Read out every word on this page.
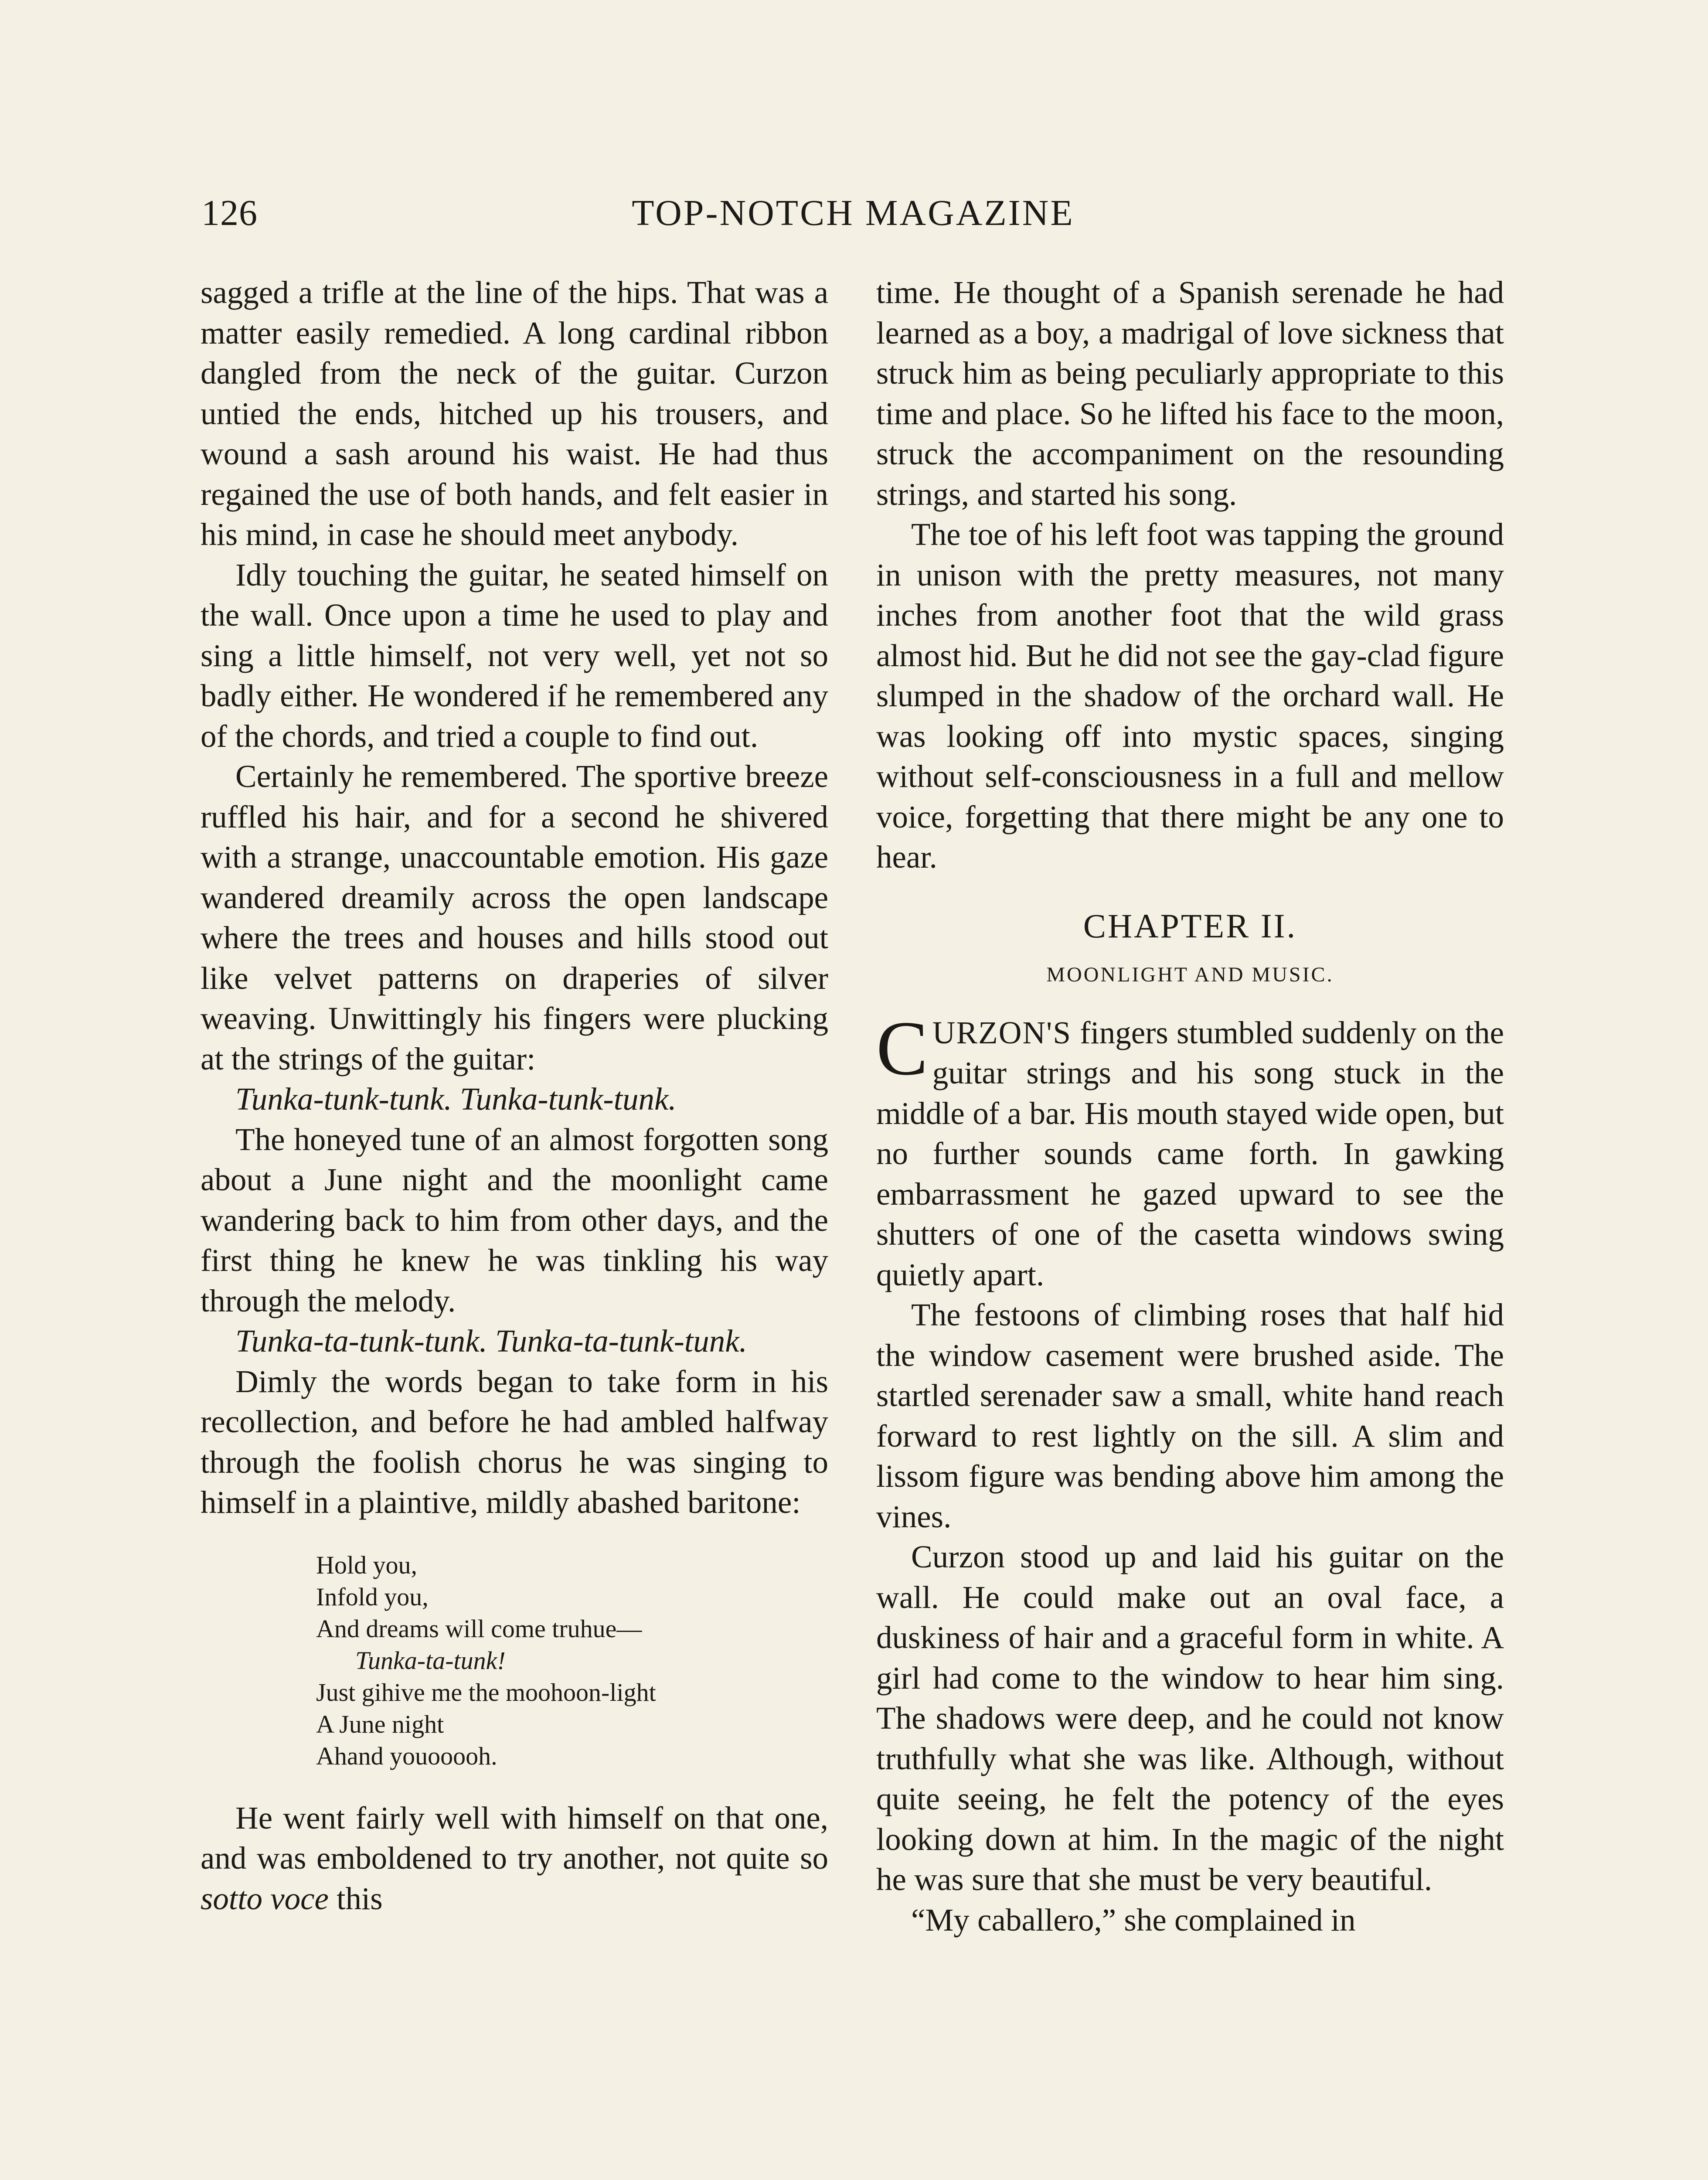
126	TOP-NOTCH MAGAZINE

sagged a trifle at the line of the hips. That was a matter easily remedied. A long cardinal ribbon dangled from the neck of the guitar. Curzon untied the ends, hitched up his trousers, and wound a sash around his waist. He had thus regained the use of both hands, and felt easier in his mind, in case he should meet anybody.

Idly touching the guitar, he seated himself on the wall. Once upon a time he used to play and sing a little himself, not very well, yet not so badly either. He wondered if he remembered any of the chords, and tried a couple to find out.

Certainly he remembered. The sportive breeze ruffled his hair, and for a second he shivered with a strange, unaccountable emotion. His gaze wandered dreamily across the open landscape where the trees and houses and hills stood out like velvet patterns on draperies of silver weaving. Unwittingly his fingers were plucking at the strings of the guitar:

Tunka-tunk-tunk. Tunka-tunk-tunk.

The honeyed tune of an almost forgotten song about a June night and the moonlight came wandering back to him from other days, and the first thing he knew he was tinkling his way through the melody.

Tunka-ta-tunk-tunk. Tunka-ta-tunk-tunk.

Dimly the words began to take form in his recollection, and before he had ambled halfway through the foolish chorus he was singing to himself in a plaintive, mildly abashed baritone:

Hold you,
Infold you,
And dreams will come truhue—
Tunka-ta-tunk!
Just gihive me the moohoon-light
A June night
Ahand youooooh.

He went fairly well with himself on that one, and was emboldened to try another, not quite so sotto voce this

time. He thought of a Spanish serenade he had learned as a boy, a madrigal of love sickness that struck him as being peculiarly appropriate to this time and place. So he lifted his face to the moon, struck the accompaniment on the resounding strings, and started his song.

The toe of his left foot was tapping the ground in unison with the pretty measures, not many inches from another foot that the wild grass almost hid. But he did not see the gay-clad figure slumped in the shadow of the orchard wall. He was looking off into mystic spaces, singing without self-consciousness in a full and mellow voice, forgetting that there might be any one to hear.

CHAPTER II.
MOONLIGHT AND MUSIC.

CURZON'S fingers stumbled suddenly on the guitar strings and his song stuck in the middle of a bar. His mouth stayed wide open, but no further sounds came forth. In gawking embarrassment he gazed upward to see the shutters of one of the casetta windows swing quietly apart.

The festoons of climbing roses that half hid the window casement were brushed aside. The startled serenader saw a small, white hand reach forward to rest lightly on the sill. A slim and lissom figure was bending above him among the vines.

Curzon stood up and laid his guitar on the wall. He could make out an oval face, a duskiness of hair and a graceful form in white. A girl had come to the window to hear him sing. The shadows were deep, and he could not know truthfully what she was like. Although, without quite seeing, he felt the potency of the eyes looking down at him. In the magic of the night he was sure that she must be very beautiful.

“My caballero,” she complained in
